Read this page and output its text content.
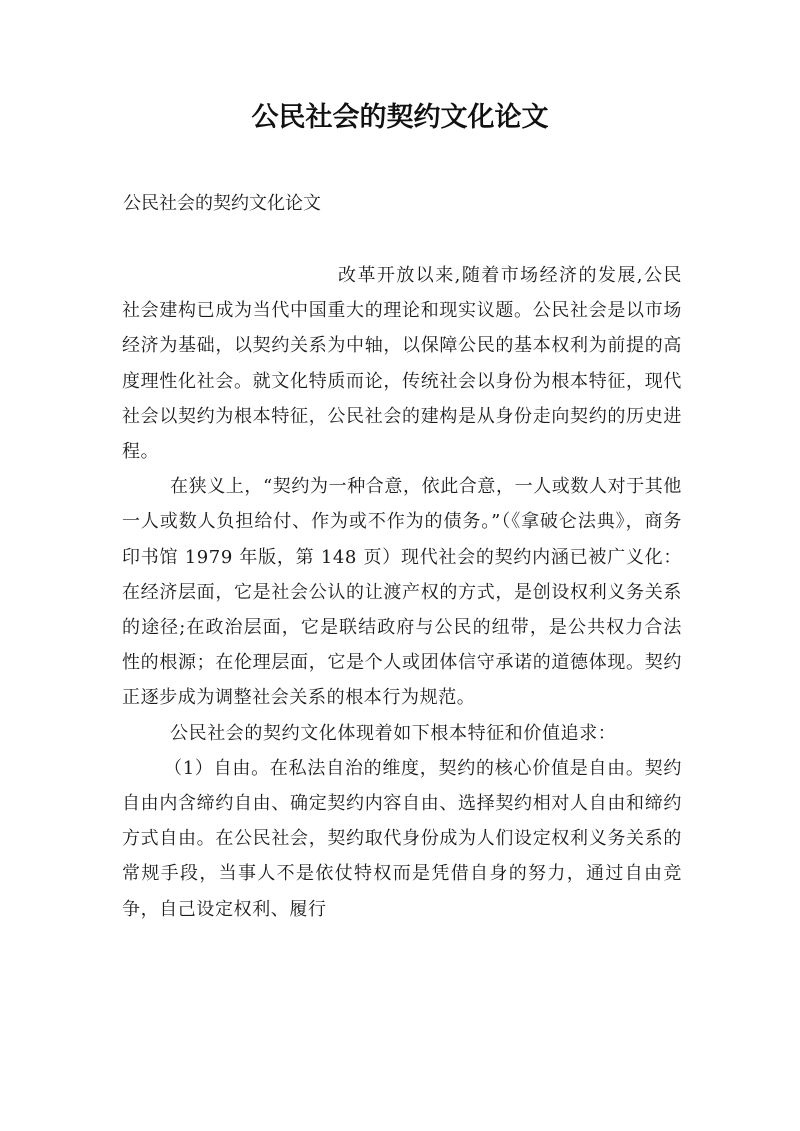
公民社会的契约文化论文
公民社会的契约文化论文

改革开放以来,随着市场经济的发展,公民社会建构已成为当代中国重大的理论和现实议题。公民社会是以市场经济为基础，以契约关系为中轴，以保障公民的基本权利为前提的高度理性化社会。就文化特质而论，传统社会以身份为根本特征，现代社会以契约为根本特征，公民社会的建构是从身份走向契约的历史进程。

在狭义上，“契约为一种合意，依此合意，一人或数人对于其他一人或数人负担给付、作为或不作为的债务。”（《拿破仑法典》，商务印书馆 1979 年版，第 148 页）现代社会的契约内涵已被广义化：在经济层面，它是社会公认的让渡产权的方式，是创设权利义务关系的途径;在政治层面，它是联结政府与公民的纽带，是公共权力合法性的根源；在伦理层面，它是个人或团体信守承诺的道德体现。契约正逐步成为调整社会关系的根本行为规范。

公民社会的契约文化体现着如下根本特征和价值追求：

（1）自由。在私法自治的维度，契约的核心价值是自由。契约自由内含缔约自由、确定契约内容自由、选择契约相对人自由和缔约方式自由。在公民社会，契约取代身份成为人们设定权利义务关系的常规手段，当事人不是依仗特权而是凭借自身的努力，通过自由竞争，自己设定权利、履行
